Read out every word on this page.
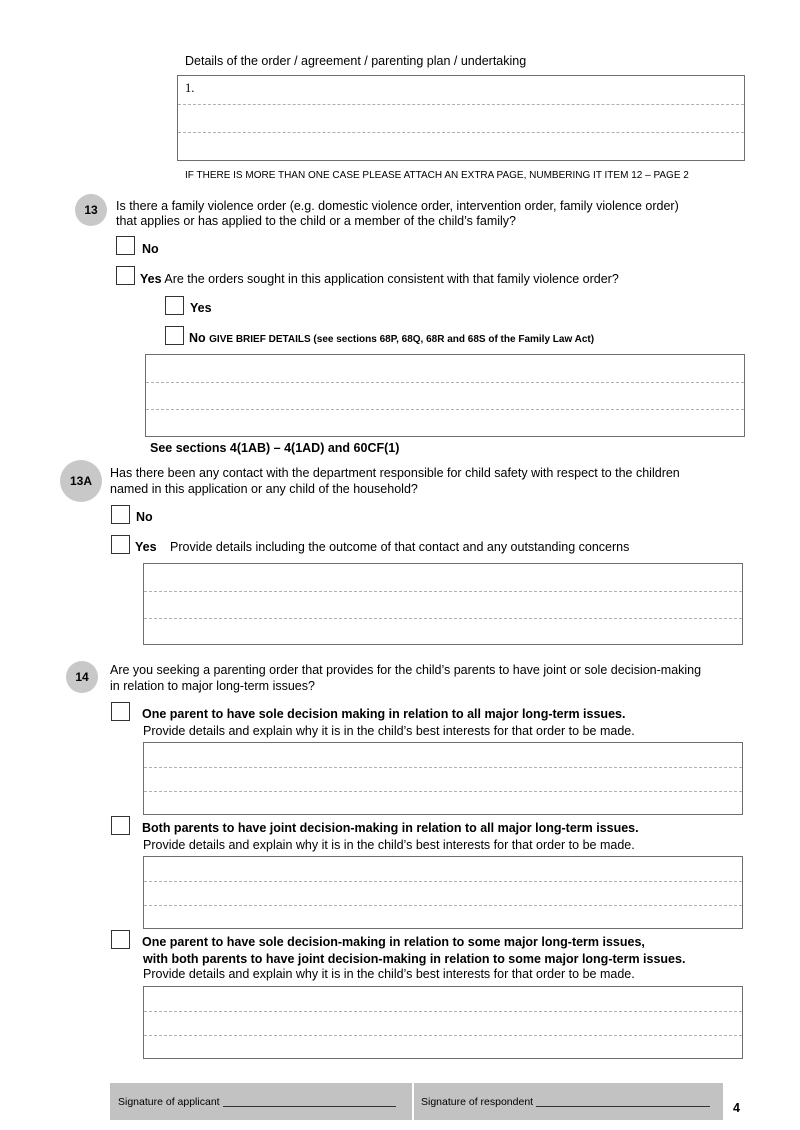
Details of the order / agreement / parenting plan / undertaking
1.
IF THERE IS MORE THAN ONE CASE PLEASE ATTACH AN EXTRA PAGE, NUMBERING IT ITEM 12 – PAGE 2
13	Is there a family violence order (e.g. domestic violence order, intervention order, family violence order)
that applies or has applied to the child or a member of the child’s family?
No
Yes Are the orders sought in this application consistent with that family violence order?
Yes
No GIVE BRIEF DETAILS (see sections 68P, 68Q, 68R and 68S of the Family Law Act)
See sections 4(1AB) – 4(1AD) and 60CF(1)
13A
Has there been any contact with the department responsible for child safety with respect to the children
named in this application or any child of the household?
No
Yes Provide details including the outcome of that contact and any outstanding concerns
14	Are you seeking a parenting order that provides for the child’s parents to have joint or sole decision-making
in relation to major long-term issues?
One parent to have sole decision making in relation to all major long-term issues.
Provide details and explain why it is in the child’s best interests for that order to be made.
Both parents to have joint decision-making in relation to all major long-term issues.
Provide details and explain why it is in the child’s best interests for that order to be made.
One parent to have sole decision-making in relation to some major long-term issues,
with both parents to have joint decision-making in relation to some major long-term issues.
Provide details and explain why it is in the child’s best interests for that order to be made.
Signature of applicant	Signature of respondent	4
